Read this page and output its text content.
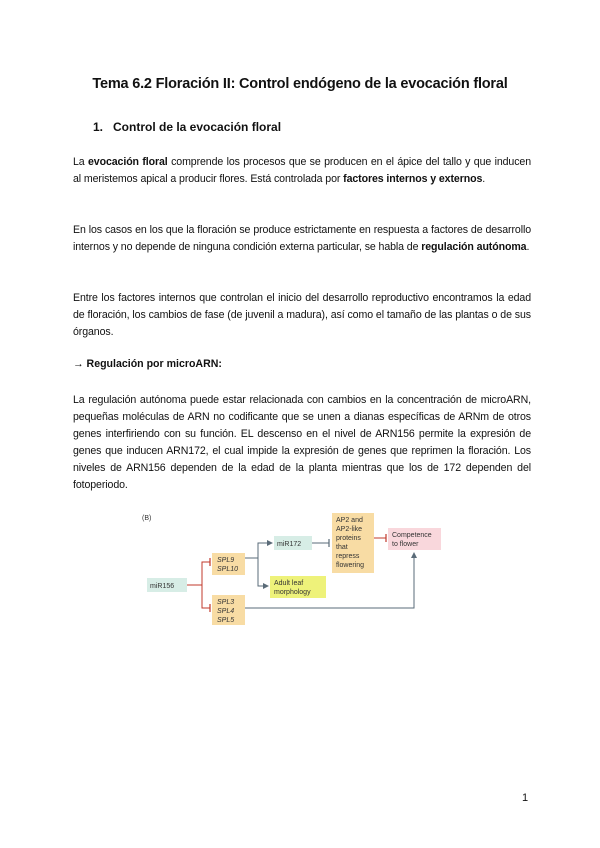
Tema 6.2 Floración II: Control endógeno de la evocación floral
1. Control de la evocación floral
La evocación floral comprende los procesos que se producen en el ápice del tallo y que inducen al meristemos apical a producir flores. Está controlada por factores internos y externos.
En los casos en los que la floración se produce estrictamente en respuesta a factores de desarrollo internos y no depende de ninguna condición externa particular, se habla de regulación autónoma.
Entre los factores internos que controlan el inicio del desarrollo reproductivo encontramos la edad de floración, los cambios de fase (de juvenil a madura), así como el tamaño de las plantas o de sus órganos.
→ Regulación por microARN:
La regulación autónoma puede estar relacionada con cambios en la concentración de microARN, pequeñas moléculas de ARN no codificante que se unen a dianas específicas de ARNm de otros genes interfiriendo con su función. EL descenso en el nivel de ARN156 permite la expresión de genes que inducen ARN172, el cual impide la expresión de genes que reprimen la floración. Los niveles de ARN156 dependen de la edad de la planta mientras que los de 172 dependen del fotoperiodo.
(B)
miR156
SPL9
SPL10
SPL3
SPL4
SPL5
miR172
Adult leaf
morphology
AP2 and
AP2-like
proteins
that
repress
flowering
Competence
to flower
1
